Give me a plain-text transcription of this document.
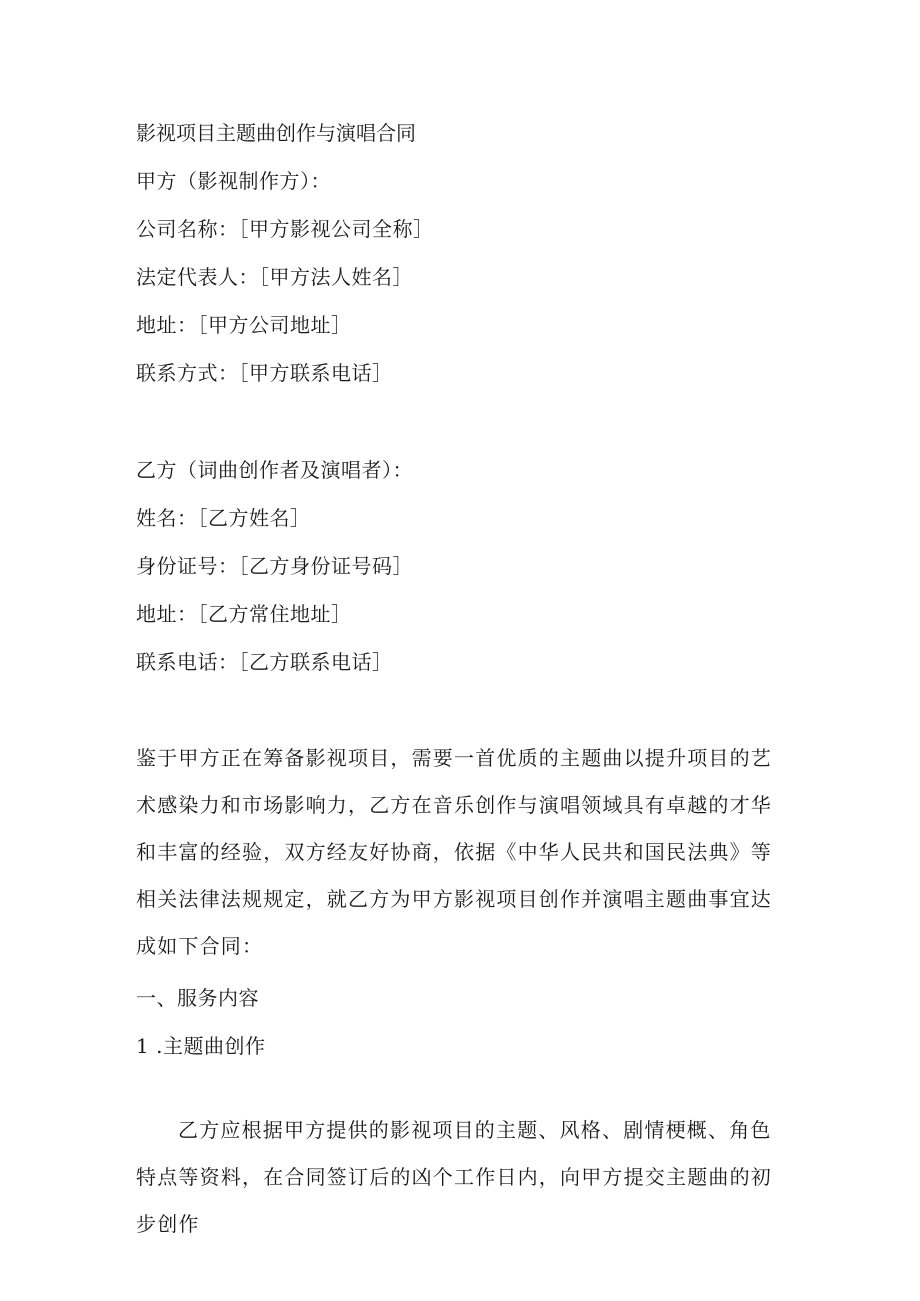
影视项目主题曲创作与演唱合同
甲方（影视制作方）：
公司名称：［甲方影视公司全称］
法定代表人：［甲方法人姓名］
地址：［甲方公司地址］
联系方式：［甲方联系电话］
乙方（词曲创作者及演唱者）：
姓名：［乙方姓名］
身份证号：［乙方身份证号码］
地址：［乙方常住地址］
联系电话：［乙方联系电话］
鉴于甲方正在筹备影视项目，需要一首优质的主题曲以提升项目的艺术感染力和市场影响力，乙方在音乐创作与演唱领域具有卓越的才华和丰富的经验，双方经友好协商，依据《中华人民共和国民法典》等相关法律法规规定，就乙方为甲方影视项目创作并演唱主题曲事宜达成如下合同：
一、服务内容
1 .主题曲创作
乙方应根据甲方提供的影视项目的主题、风格、剧情梗概、角色特点等资料，在合同签订后的凶个工作日内，向甲方提交主题曲的初步创作
